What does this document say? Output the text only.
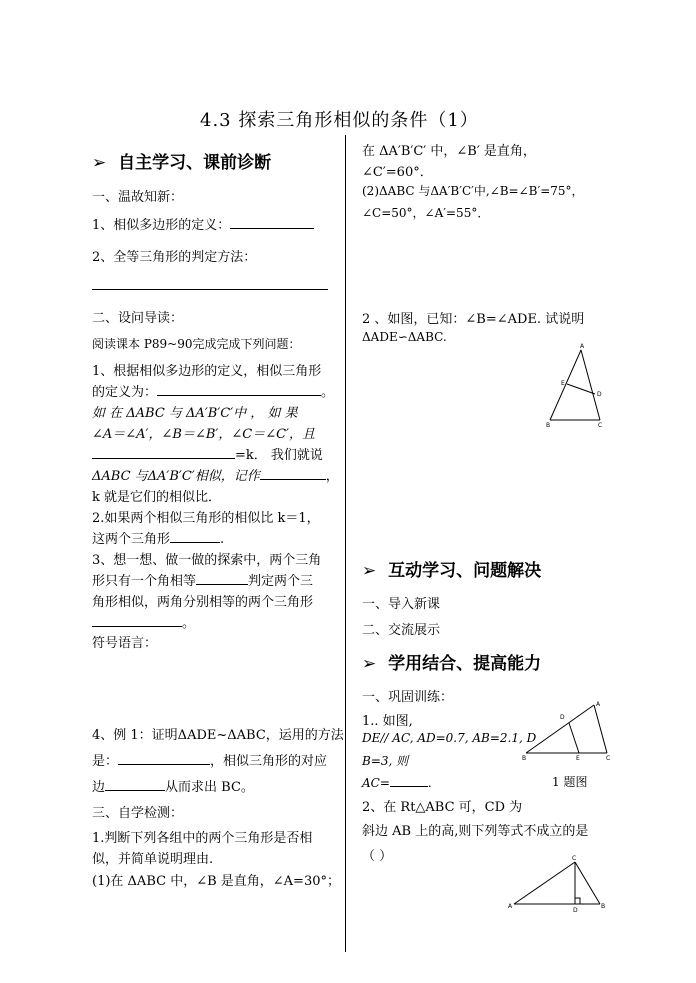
4.3 探索三角形相似的条件（1）
➢ 自主学习、课前诊断
一、温故知新：
1、相似多边形的定义：
2、全等三角形的判定方法：
二、设问导读：
阅读课本 P89~90完成完成下列问题：
1、根据相似多边形的定义，相似三角形
的定义为：	。
如 在 ΔABC 与 ΔA′B′C′中 ， 如 果
∠A＝∠A′，∠B＝∠B′，∠C＝∠C′，且
=k． 我们就说
ΔABC 与ΔA′B′C′相似，记作	，
k 就是它们的相似比．
2.如果两个相似三角形的相似比 k＝1，
这两个三角形	.
3、想一想、做一做的探索中，两个三角
形只有一个角相等	判定两个三
角形相似，两角分别相等的两个三角形
。
符号语言：
4、例 1：证明ΔADE~ΔABC，运用的方法
是：	，相似三角形的对应
边	从而求出 BC。
三、自学检测：
1.判断下列各组中的两个三角形是否相
似，并简单说明理由.
(1)在 ΔABC 中，∠B 是直角，∠A=30°；
在 ΔA′B′C′ 中，∠B′ 是直角，
∠C′=60°．
(2)ΔABC 与ΔA′B′C′中,∠B=∠B′=75°，
∠C=50°，∠A′=55°．
2 、如图，已知：∠B=∠ADE. 试说明
ΔADE∽ΔABC.
A
E
D
B	C
➢ 互动学习、问题解决
一、导入新课
二、交流展示
➢ 学用结合、提高能力
一、巩固训练：
1.. 如图,
DE// AC, AD=0.7, AB=2.1, D
B=3, 则
AC=	.
D
B	E	C
A
1 题图
2、在 Rt△ABC 可，CD 为
斜边 AB 上的高,则下列等式不成立的是
（ ）	C
A
D
B
